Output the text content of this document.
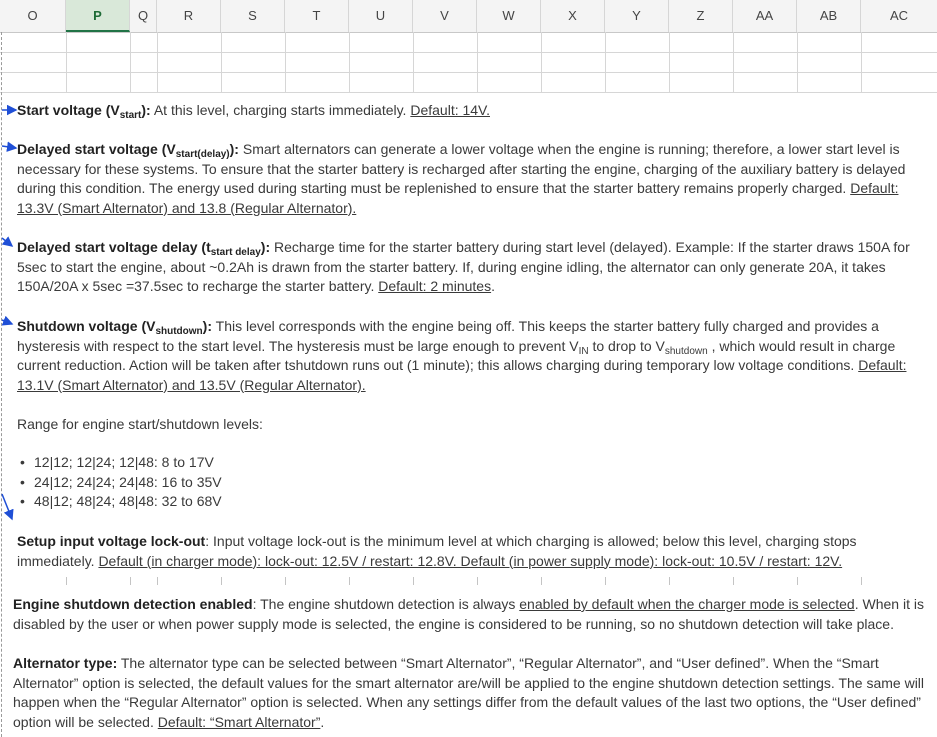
O	P	Q	R	S	T	U	V	W	X	Y	Z	AA	AB	AC
Start voltage $(V_{start})$: At this level, charging starts immediately. Default: 14V.
Delayed start voltage $(V_{start(delay)})$: Smart alternators can generate a lower voltage when the engine is running; therefore, a lower start level is necessary for these systems. To ensure that the starter battery is recharged after starting the engine, charging of the auxiliary battery is delayed during this condition. The energy used during starting must be replenished to ensure that the starter battery remains properly charged. Default: 13.3V (Smart Alternator) and 13.8 (Regular Alternator).
Delayed start voltage delay $(t_{start delay})$: Recharge time for the starter battery during start level (delayed). Example: If the starter draws 150A for 5sec to start the engine, about ~0.2Ah is drawn from the starter battery. If, during engine idling, the alternator can only generate 20A, it takes 150A/20A x 5sec =37.5sec to recharge the starter battery. Default: 2 minutes.
Shutdown voltage $(V_{shutdown})$: This level corresponds with the engine being off. This keeps the starter battery fully charged and provides a hysteresis with respect to the start level. The hysteresis must be large enough to prevent $V_{IN}$ to drop to $V_{shutdown}$ , which would result in charge current reduction. Action will be taken after tshutdown runs out (1 minute); this allows charging during temporary low voltage conditions. Default: 13.1V (Smart Alternator) and 13.5V (Regular Alternator).
Range for engine start/shutdown levels:
• 12|12; 12|24; 12|48: 8 to 17V
• 24|12; 24|24; 24|48: 16 to 35V
• 48|12; 48|24; 48|48: 32 to 68V
Setup input voltage lock-out: Input voltage lock-out is the minimum level at which charging is allowed; below this level, charging stops immediately. Default (in charger mode): lock-out: 12.5V / restart: 12.8V. Default (in power supply mode): lock-out: 10.5V / restart: 12V.
Engine shutdown detection enabled: The engine shutdown detection is always enabled by default when the charger mode is selected. When it is disabled by the user or when power supply mode is selected, the engine is considered to be running, so no shutdown detection will take place.
Alternator type: The alternator type can be selected between “Smart Alternator”, “Regular Alternator”, and “User defined”. When the “Smart Alternator” option is selected, the default values for the smart alternator are/will be applied to the engine shutdown detection settings. The same will happen when the “Regular Alternator” option is selected. When any settings differ from the default values of the last two options, the “User defined” option will be selected. Default: “Smart Alternator”.
